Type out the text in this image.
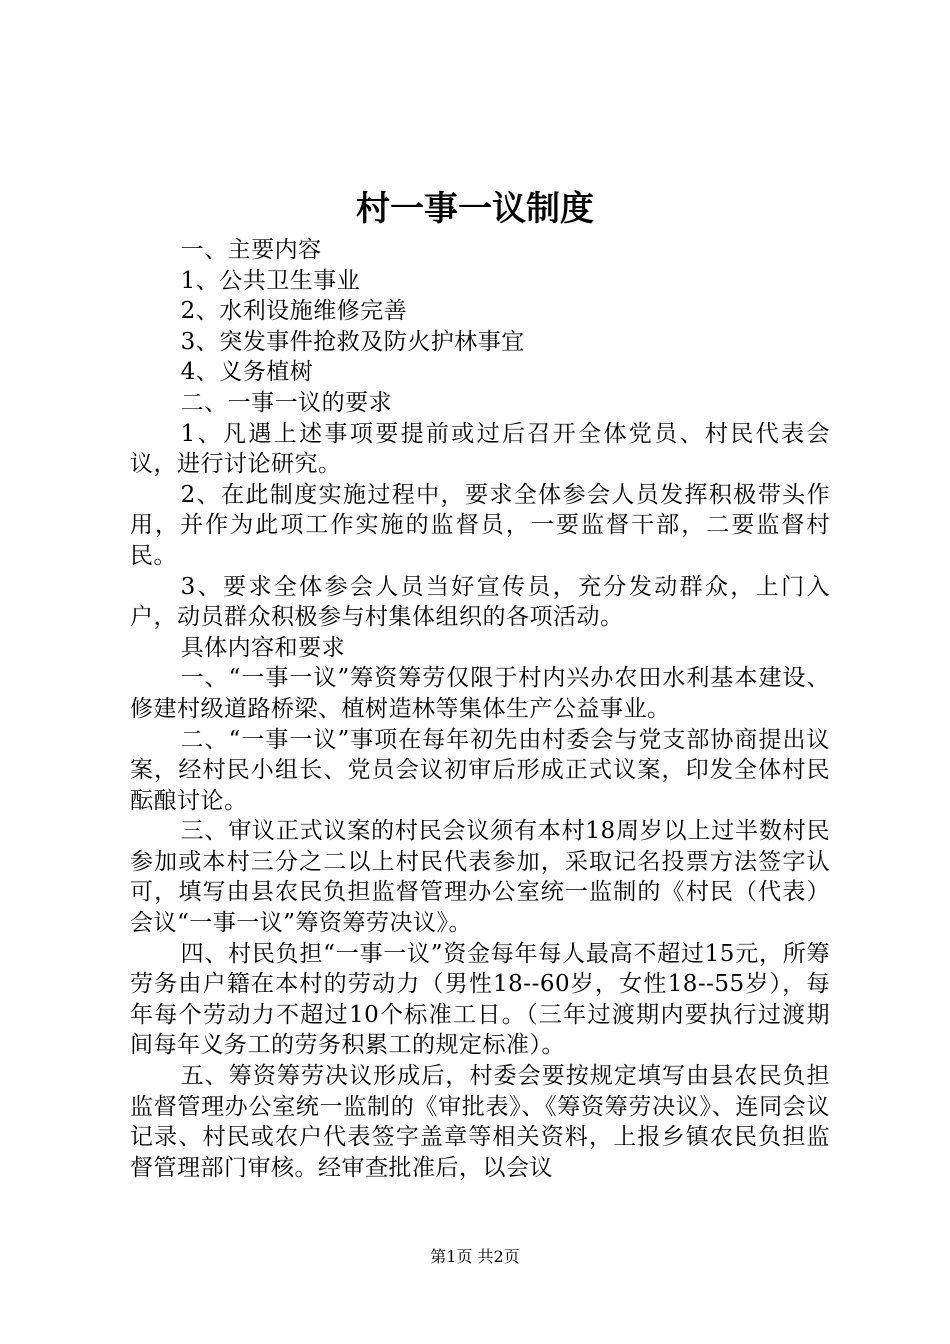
村一事一议制度

一、主要内容

1、公共卫生事业

2、水利设施维修完善

3、突发事件抢救及防火护林事宜

4、义务植树

二、一事一议的要求

1、凡遇上述事项要提前或过后召开全体党员、村民代表会议，进行讨论研究。

2、在此制度实施过程中，要求全体参会人员发挥积极带头作用，并作为此项工作实施的监督员，一要监督干部，二要监督村民。

3、要求全体参会人员当好宣传员，充分发动群众，上门入户，动员群众积极参与村集体组织的各项活动。

具体内容和要求

一、“一事一议”筹资筹劳仅限于村内兴办农田水利基本建设、修建村级道路桥梁、植树造林等集体生产公益事业。

二、“一事一议”事项在每年初先由村委会与党支部协商提出议案，经村民小组长、党员会议初审后形成正式议案，印发全体村民酝酿讨论。

三、审议正式议案的村民会议须有本村18周岁以上过半数村民参加或本村三分之二以上村民代表参加，采取记名投票方法签字认可，填写由县农民负担监督管理办公室统一监制的《村民（代表）会议“一事一议”筹资筹劳决议》。

四、村民负担“一事一议”资金每年每人最高不超过15元，所筹劳务由户籍在本村的劳动力（男性18--60岁，女性18--55岁），每年每个劳动力不超过10个标准工日。（三年过渡期内要执行过渡期间每年义务工的劳务积累工的规定标准）。

五、筹资筹劳决议形成后，村委会要按规定填写由县农民负担监督管理办公室统一监制的《审批表》、《筹资筹劳决议》、连同会议记录、村民或农户代表签字盖章等相关资料，上报乡镇农民负担监督管理部门审核。经审查批准后，以会议

第1页 共2页
